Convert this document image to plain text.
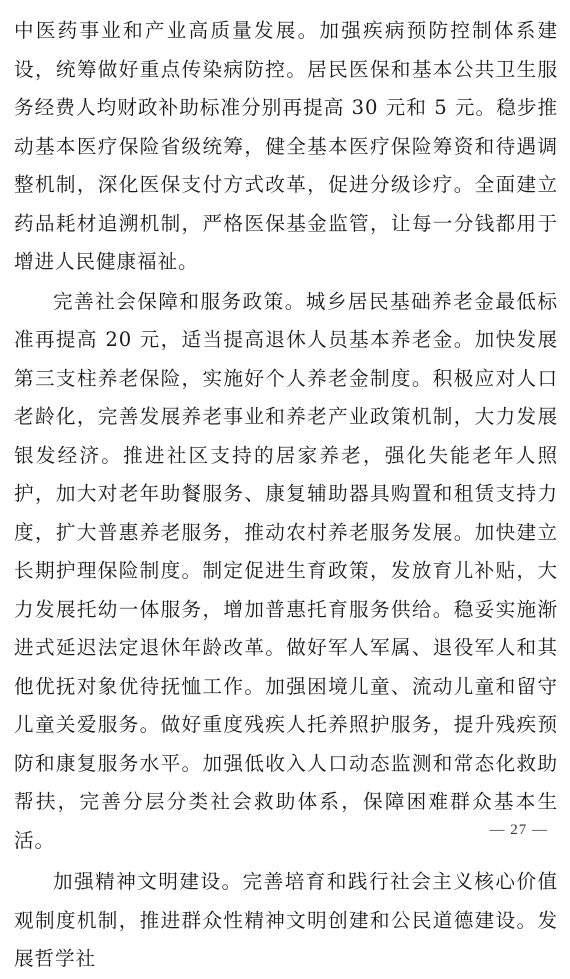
中医药事业和产业高质量发展。加强疾病预防控制体系建设，统筹做好重点传染病防控。居民医保和基本公共卫生服务经费人均财政补助标准分别再提高 30 元和 5 元。稳步推动基本医疗保险省级统筹，健全基本医疗保险筹资和待遇调整机制，深化医保支付方式改革，促进分级诊疗。全面建立药品耗材追溯机制，严格医保基金监管，让每一分钱都用于增进人民健康福祉。

完善社会保障和服务政策。城乡居民基础养老金最低标准再提高 20 元，适当提高退休人员基本养老金。加快发展第三支柱养老保险，实施好个人养老金制度。积极应对人口老龄化，完善发展养老事业和养老产业政策机制，大力发展银发经济。推进社区支持的居家养老，强化失能老年人照护，加大对老年助餐服务、康复辅助器具购置和租赁支持力度，扩大普惠养老服务，推动农村养老服务发展。加快建立长期护理保险制度。制定促进生育政策，发放育儿补贴，大力发展托幼一体服务，增加普惠托育服务供给。稳妥实施渐进式延迟法定退休年龄改革。做好军人军属、退役军人和其他优抚对象优待抚恤工作。加强困境儿童、流动儿童和留守儿童关爱服务。做好重度残疾人托养照护服务，提升残疾预防和康复服务水平。加强低收入人口动态监测和常态化救助帮扶，完善分层分类社会救助体系，保障困难群众基本生活。

加强精神文明建设。完善培育和践行社会主义核心价值观制度机制，推进群众性精神文明创建和公民道德建设。发展哲学社

— 27 —
